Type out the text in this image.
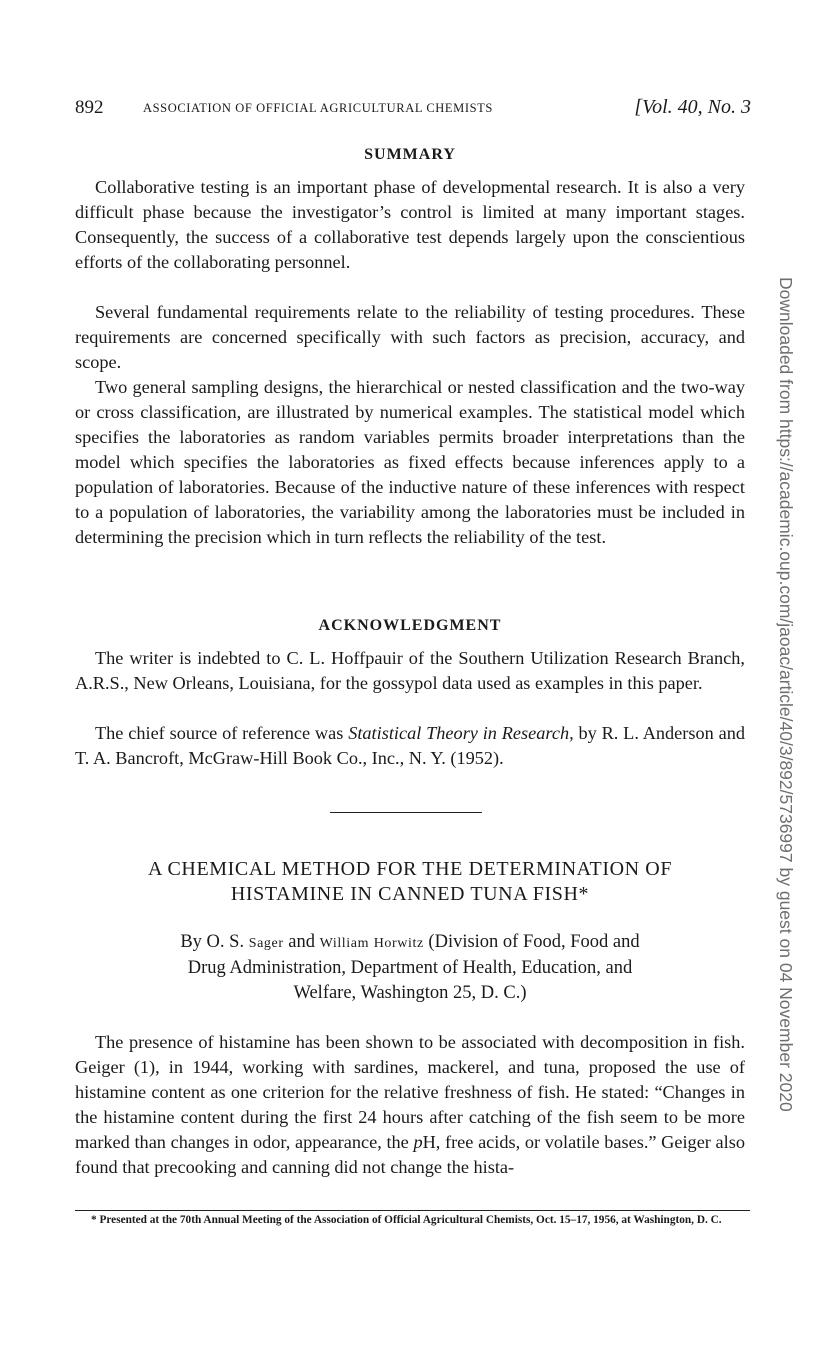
892	ASSOCIATION OF OFFICIAL AGRICULTURAL CHEMISTS	[Vol. 40, No. 3
SUMMARY

Collaborative testing is an important phase of developmental research. It is also a very difficult phase because the investigator’s control is limited at many important stages. Consequently, the success of a collaborative test depends largely upon the conscientious efforts of the collaborating personnel.

Several fundamental requirements relate to the reliability of testing procedures. These requirements are concerned specifically with such factors as precision, accuracy, and scope.

Two general sampling designs, the hierarchical or nested classification and the two-way or cross classification, are illustrated by numerical examples. The statistical model which specifies the laboratories as random variables permits broader interpretations than the model which specifies the laboratories as fixed effects because inferences apply to a population of laboratories. Because of the inductive nature of these inferences with respect to a population of laboratories, the variability among the laboratories must be included in determining the precision which in turn reflects the reliability of the test.

ACKNOWLEDGMENT

The writer is indebted to C. L. Hoffpauir of the Southern Utilization Research Branch, A.R.S., New Orleans, Louisiana, for the gossypol data used as examples in this paper.

The chief source of reference was Statistical Theory in Research, by R. L. Anderson and T. A. Bancroft, McGraw-Hill Book Co., Inc., N. Y. (1952).

A CHEMICAL METHOD FOR THE DETERMINATION OF
HISTAMINE IN CANNED TUNA FISH*
By O. S. Sager and William Horwitz (Division of Food, Food and
Drug Administration, Department of Health, Education, and
Welfare, Washington 25, D. C.)

The presence of histamine has been shown to be associated with decomposition in fish. Geiger (1), in 1944, working with sardines, mackerel, and tuna, proposed the use of histamine content as one criterion for the relative freshness of fish. He stated: “Changes in the histamine content during the first 24 hours after catching of the fish seem to be more marked than changes in odor, appearance, the pH, free acids, or volatile bases.” Geiger also found that precooking and canning did not change the hista-

* Presented at the 70th Annual Meeting of the Association of Official Agricultural Chemists, Oct. 15–17, 1956, at Washington, D. C.

Downloaded from https://academic.oup.com/jaoac/article/40/3/892/5736997 by guest on 04 November 2020
